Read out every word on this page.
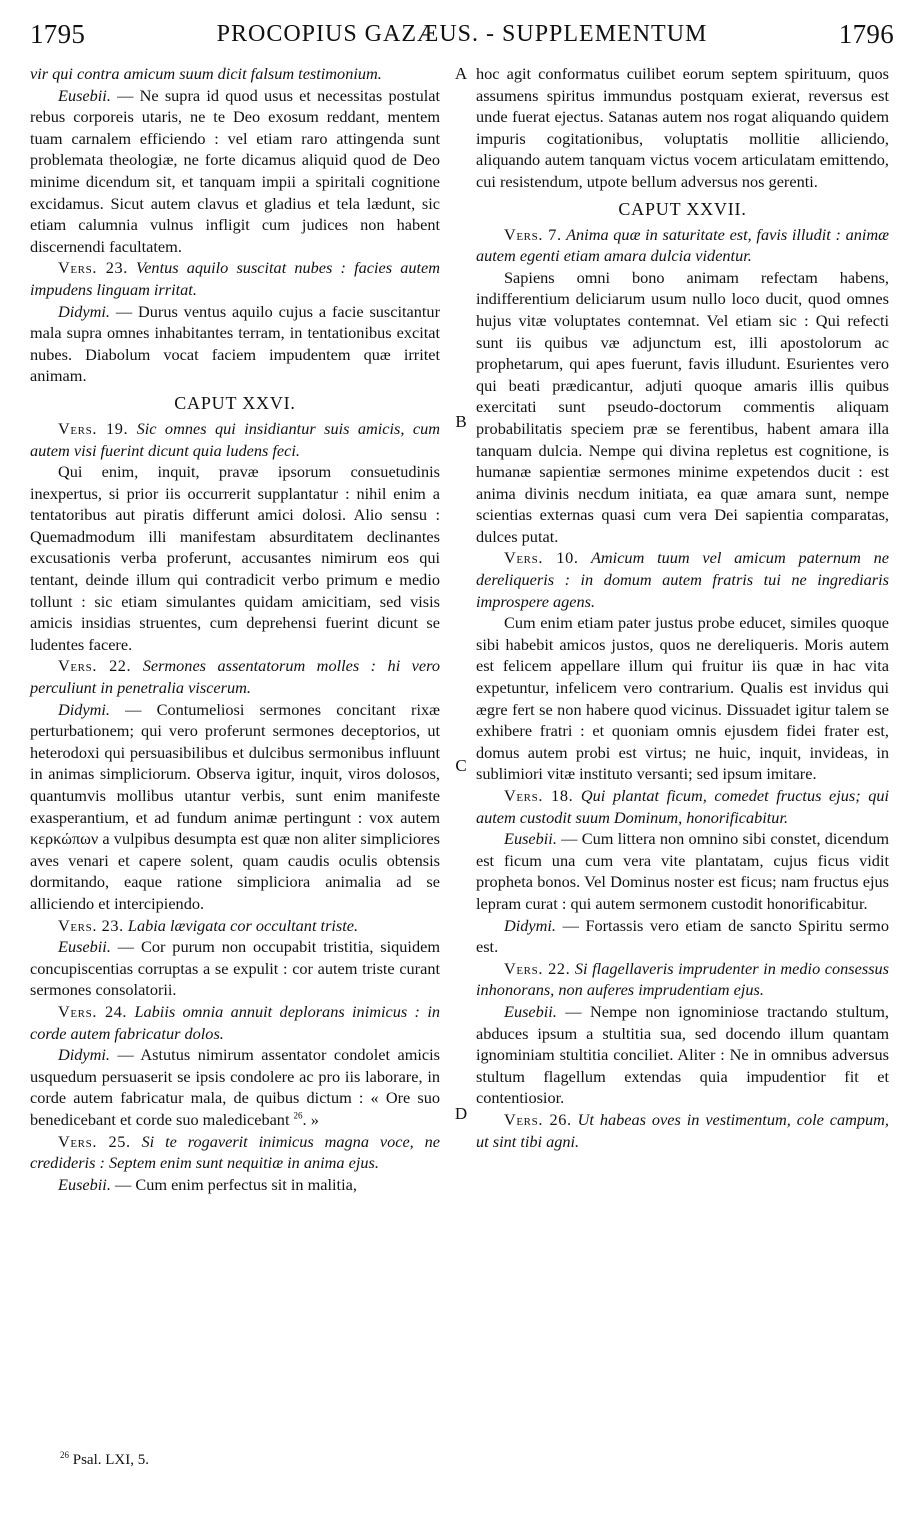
1795	PROCOPIUS GAZÆUS. - SUPPLEMENTUM	1796
A
B
C
D

vir qui contra amicum suum dicit falsum testimonium.

Eusebii. — Ne supra id quod usus et necessitas postulat rebus corporeis utaris, ne te Deo exosum reddant, mentem tuam carnalem efficiendo : vel etiam raro attingenda sunt problemata theologiæ, ne forte dicamus aliquid quod de Deo minime dicendum sit, et tanquam impii a spiritali cognitione excidamus. Sicut autem clavus et gladius et tela lædunt, sic etiam calumnia vulnus infligit cum judices non habent discernendi facultatem.

Vers. 23. Ventus aquilo suscitat nubes : facies autem impudens linguam irritat.

Didymi. — Durus ventus aquilo cujus a facie suscitantur mala supra omnes inhabitantes terram, in tentationibus excitat nubes. Diabolum vocat faciem impudentem quæ irritet animam.

CAPUT XXVI.

Vers. 19. Sic omnes qui insidiantur suis amicis, cum autem visi fuerint dicunt quia ludens feci.

Qui enim, inquit, pravæ ipsorum consuetudinis inexpertus, si prior iis occurrerit supplantatur : nihil enim a tentatoribus aut piratis differunt amici dolosi. Alio sensu : Quemadmodum illi manifestam absurditatem declinantes excusationis verba proferunt, accusantes nimirum eos qui tentant, deinde illum qui contradicit verbo primum e medio tollunt : sic etiam simulantes quidam amicitiam, sed visis amicis insidias struentes, cum deprehensi fuerint dicunt se ludentes facere.

Vers. 22. Sermones assentatorum molles : hi vero perculiunt in penetralia viscerum.

Didymi. — Contumeliosi sermones concitant rixæ perturbationem; qui vero proferunt sermones deceptorios, ut heterodoxi qui persuasibilibus et dulcibus sermonibus influunt in animas simpliciorum. Observa igitur, inquit, viros dolosos, quantumvis mollibus utantur verbis, sunt enim manifeste exasperantium, et ad fundum animæ pertingunt : vox autem κερκώπων a vulpibus desumpta est quæ non aliter simpliciores aves venari et capere solent, quam caudis oculis obtensis dormitando, eaque ratione simpliciora animalia ad se alliciendo et intercipiendo.

Vers. 23. Labia lævigata cor occultant triste.

Eusebii. — Cor purum non occupabit tristitia, siquidem concupiscentias corruptas a se expulit : cor autem triste curant sermones consolatorii.

Vers. 24. Labiis omnia annuit deplorans inimicus : in corde autem fabricatur dolos.

Didymi. — Astutus nimirum assentator condolet amicis usquedum persuaserit se ipsis condolere ac pro iis laborare, in corde autem fabricatur mala, de quibus dictum : « Ore suo benedicebant et corde suo maledicebant $^{26}$. »

Vers. 25. Si te rogaverit inimicus magna voce, ne credideris : Septem enim sunt nequitiæ in anima ejus.

Eusebii. — Cum enim perfectus sit in malitia,

hoc agit conformatus cuilibet eorum septem spirituum, quos assumens spiritus immundus postquam exierat, reversus est unde fuerat ejectus. Satanas autem nos rogat aliquando quidem impuris cogitationibus, voluptatis mollitie alliciendo, aliquando autem tanquam victus vocem articulatam emittendo, cui resistendum, utpote bellum adversus nos gerenti.

CAPUT XXVII.

Vers. 7. Anima quæ in saturitate est, favis illudit : animæ autem egenti etiam amara dulcia videntur.

Sapiens omni bono animam refectam habens, indifferentium deliciarum usum nullo loco ducit, quod omnes hujus vitæ voluptates contemnat. Vel etiam sic : Qui refecti sunt iis quibus væ adjunctum est, illi apostolorum ac prophetarum, qui apes fuerunt, favis illudunt. Esurientes vero qui beati prædicantur, adjuti quoque amaris illis quibus exercitati sunt pseudo-doctorum commentis aliquam probabilitatis speciem præ se ferentibus, habent amara illa tanquam dulcia. Nempe qui divina repletus est cognitione, is humanæ sapientiæ sermones minime expetendos ducit : est anima divinis necdum initiata, ea quæ amara sunt, nempe scientias externas quasi cum vera Dei sapientia comparatas, dulces putat.

Vers. 10. Amicum tuum vel amicum paternum ne dereliqueris : in domum autem fratris tui ne ingrediaris improspere agens.

Cum enim etiam pater justus probe educet, similes quoque sibi habebit amicos justos, quos ne dereliqueris. Moris autem est felicem appellare illum qui fruitur iis quæ in hac vita expetuntur, infelicem vero contrarium. Qualis est invidus qui ægre fert se non habere quod vicinus. Dissuadet igitur talem se exhibere fratri : et quoniam omnis ejusdem fidei frater est, domus autem probi est virtus; ne huic, inquit, invideas, in sublimiori vitæ instituto versanti; sed ipsum imitare.

Vers. 18. Qui plantat ficum, comedet fructus ejus; qui autem custodit suum Dominum, honorificabitur.

Eusebii. — Cum littera non omnino sibi constet, dicendum est ficum una cum vera vite plantatam, cujus ficus vidit propheta bonos. Vel Dominus noster est ficus; nam fructus ejus lepram curat : qui autem sermonem custodit honorificabitur.

Didymi. — Fortassis vero etiam de sancto Spiritu sermo est.

Vers. 22. Si flagellaveris imprudenter in medio consessus inhonorans, non auferes imprudentiam ejus.

Eusebii. — Nempe non ignominiose tractando stultum, abduces ipsum a stultitia sua, sed docendo illum quantam ignominiam stultitia conciliet. Aliter : Ne in omnibus adversus stultum flagellum extendas quia impudentior fit et contentiosior.

Vers. 26. Ut habeas oves in vestimentum, cole campum, ut sint tibi agni.

$^{26}$ Psal. LXI, 5.
